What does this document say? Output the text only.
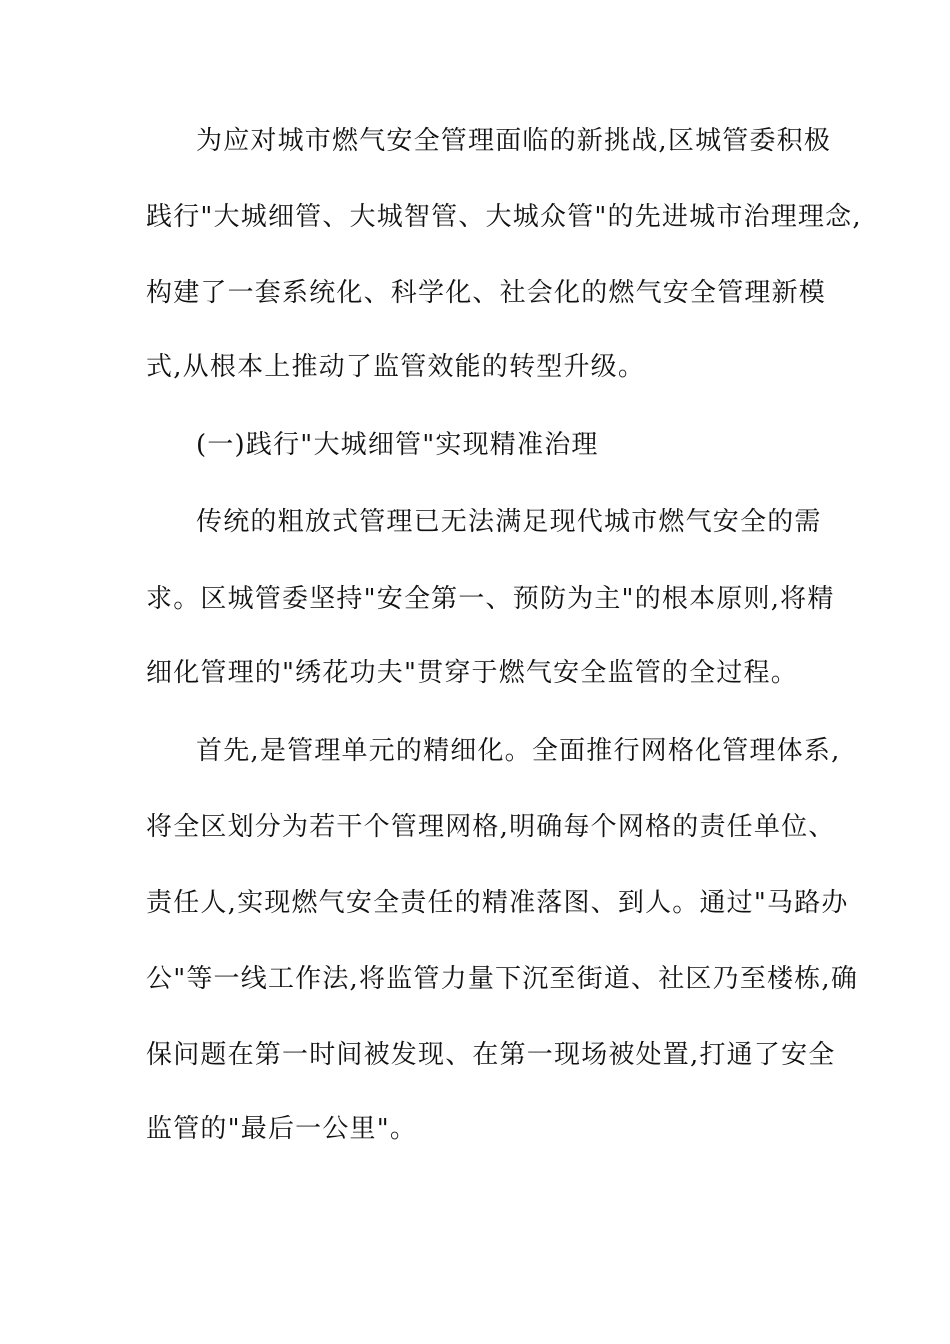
为应对城市燃气安全管理面临的新挑战,区城管委积极
践行"大城细管、大城智管、大城众管"的先进城市治理理念,
构建了一套系统化、科学化、社会化的燃气安全管理新模
式,从根本上推动了监管效能的转型升级。
(一)践行"大城细管"实现精准治理
传统的粗放式管理已无法满足现代城市燃气安全的需
求。区城管委坚持"安全第一、预防为主"的根本原则,将精
细化管理的"绣花功夫"贯穿于燃气安全监管的全过程。
首先,是管理单元的精细化。全面推行网格化管理体系,
将全区划分为若干个管理网格,明确每个网格的责任单位、
责任人,实现燃气安全责任的精准落图、到人。通过"马路办
公"等一线工作法,将监管力量下沉至街道、社区乃至楼栋,确
保问题在第一时间被发现、在第一现场被处置,打通了安全
监管的"最后一公里"。
